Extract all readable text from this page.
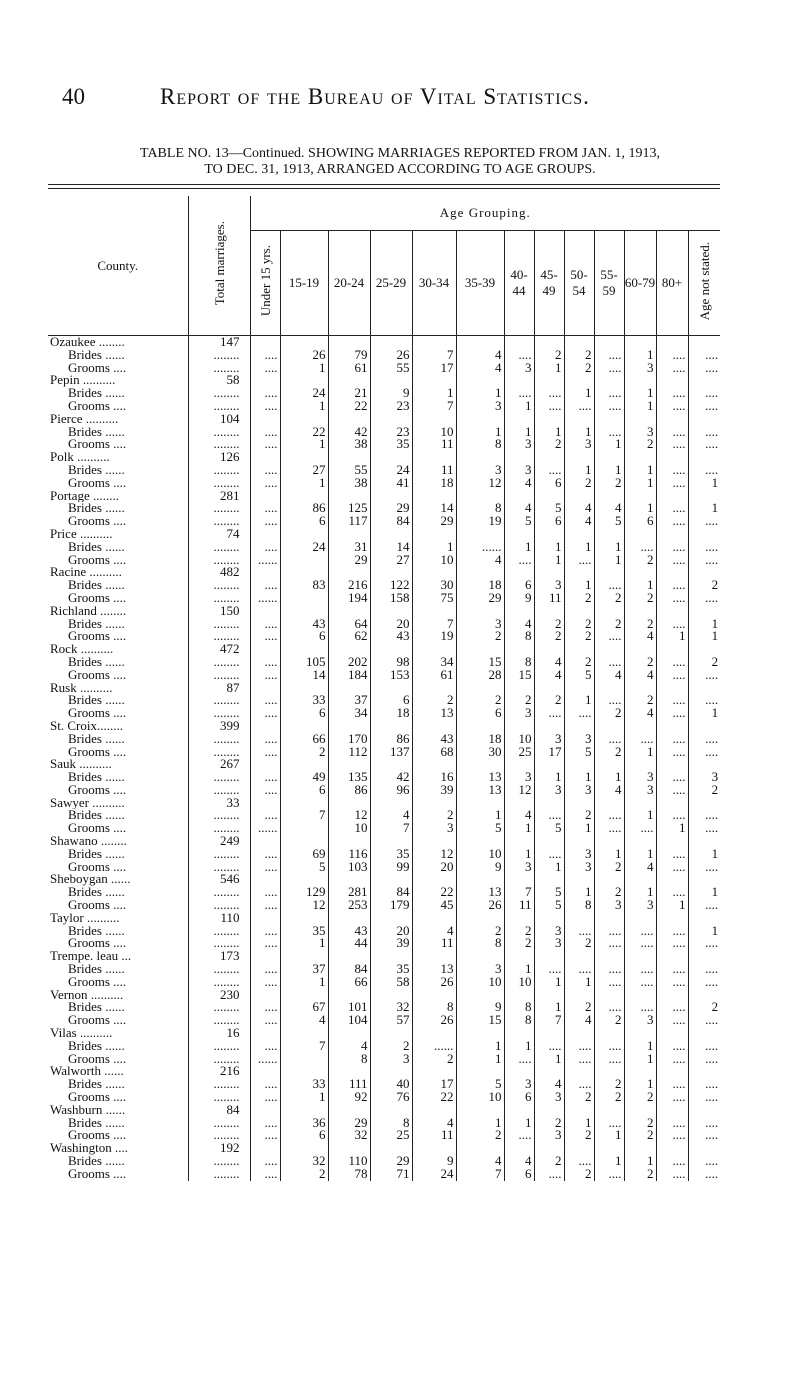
40	Report of the Bureau of Vital Statistics.
TABLE NO. 13—Continued. SHOWING MARRIAGES REPORTED FROM JAN. 1, 1913,
TO DEC. 31, 1913, ARRANGED ACCORDING TO AGE GROUPS.
County.	Total marriages.	Age Grouping.												
		Under 15 yrs.	15-19	20-24	25-29	30-34	35-39	40-44	45-49	50-54	55-59	60-79	80+	Age not stated.
Ozaukee ........	147													
Brides ......	........	....	26	79	26	7	4	....	2	2	....	1	....	....
Grooms ....	........	....	1	61	55	17	4	3	1	2	....	3	....	....
Pepin ..........	58													
Brides ......	........	....	24	21	9	1	1	....	....	1	....	1	....	....
Grooms ....	........	....	1	22	23	7	3	1	....	....	....	1	....	....
Pierce ..........	104													
Brides ......	........	....	22	42	23	10	1	1	1	1	....	3	....	....
Grooms ....	........	....	1	38	35	11	8	3	2	3	1	2	....	....
Polk ..........	126													
Brides ......	........	....	27	55	24	11	3	3	....	1	1	1	....	....
Grooms ....	........	....	1	38	41	18	12	4	6	2	2	1	....	1
Portage ........	281													
Brides ......	........	....	86	125	29	14	8	4	5	4	4	1	....	1
Grooms ....	........	....	6	117	84	29	19	5	6	4	5	6	....	....
Price ..........	74													
Brides ......	........	....	24	31	14	1	......	1	1	1	1	....	....	....
Grooms ....	........	......		29	27	10	4	....	1	....	1	2	....	....
Racine ..........	482													
Brides ......	........	....	83	216	122	30	18	6	3	1	....	1	....	2
Grooms ....	........	......		194	158	75	29	9	11	2	2	2	....	....
Richland ........	150													
Brides ......	........	....	43	64	20	7	3	4	2	2	2	2	....	1
Grooms ....	........	....	6	62	43	19	2	8	2	2	....	4	1	1
Rock ..........	472													
Brides ......	........	....	105	202	98	34	15	8	4	2	....	2	....	2
Grooms ....	........	....	14	184	153	61	28	15	4	5	4	4	....	....
Rusk ..........	87													
Brides ......	........	....	33	37	6	2	2	2	2	1	....	2	....	....
Grooms ....	........	....	6	34	18	13	6	3	....	....	2	4	....	1
St. Croix........	399													
Brides ......	........	....	66	170	86	43	18	10	3	3	....	....	....	....
Grooms ....	........	....	2	112	137	68	30	25	17	5	2	1	....	....
Sauk ..........	267													
Brides ......	........	....	49	135	42	16	13	3	1	1	1	3	....	3
Grooms ....	........	....	6	86	96	39	13	12	3	3	4	3	....	2
Sawyer ..........	33													
Brides ......	........	....	7	12	4	2	1	4	....	2	....	1	....	....
Grooms ....	........	......		10	7	3	5	1	5	1	....	....	1	....
Shawano ........	249													
Brides ......	........	....	69	116	35	12	10	1	....	3	1	1	....	1
Grooms ....	........	....	5	103	99	20	9	3	1	3	2	4	....	....
Sheboygan ......	546													
Brides ......	........	....	129	281	84	22	13	7	5	1	2	1	....	1
Grooms ....	........	....	12	253	179	45	26	11	5	8	3	3	1	....
Taylor ..........	110													
Brides ......	........	....	35	43	20	4	2	2	3	....	....	....	....	1
Grooms ....	........	....	1	44	39	11	8	2	3	2	....	....	....	....
Trempe. leau ...	173													
Brides ......	........	....	37	84	35	13	3	1	....	....	....	....	....	....
Grooms ....	........	....	1	66	58	26	10	10	1	1	....	....	....	....
Vernon ..........	230													
Brides ......	........	....	67	101	32	8	9	8	1	2	....	....	....	2
Grooms ....	........	....	4	104	57	26	15	8	7	4	2	3	....	....
Vilas ..........	16													
Brides ......	........	....	7	4	2	......	1	1	....	....	....	1	....	....
Grooms ....	........	......		8	3	2	1	....	1	....	....	1	....	....
Walworth ......	216													
Brides ......	........	....	33	111	40	17	5	3	4	....	2	1	....	....
Grooms ....	........	....	1	92	76	22	10	6	3	2	2	2	....	....
Washburn ......	84													
Brides ......	........	....	36	29	8	4	1	1	2	1	....	2	....	....
Grooms ....	........	....	6	32	25	11	2	....	3	2	1	2	....	....
Washington ....	192													
Brides ......	........	....	32	110	29	9	4	4	2	....	1	1	....	....
Grooms ....	........	....	2	78	71	24	7	6	....	2	....	2	....	....
